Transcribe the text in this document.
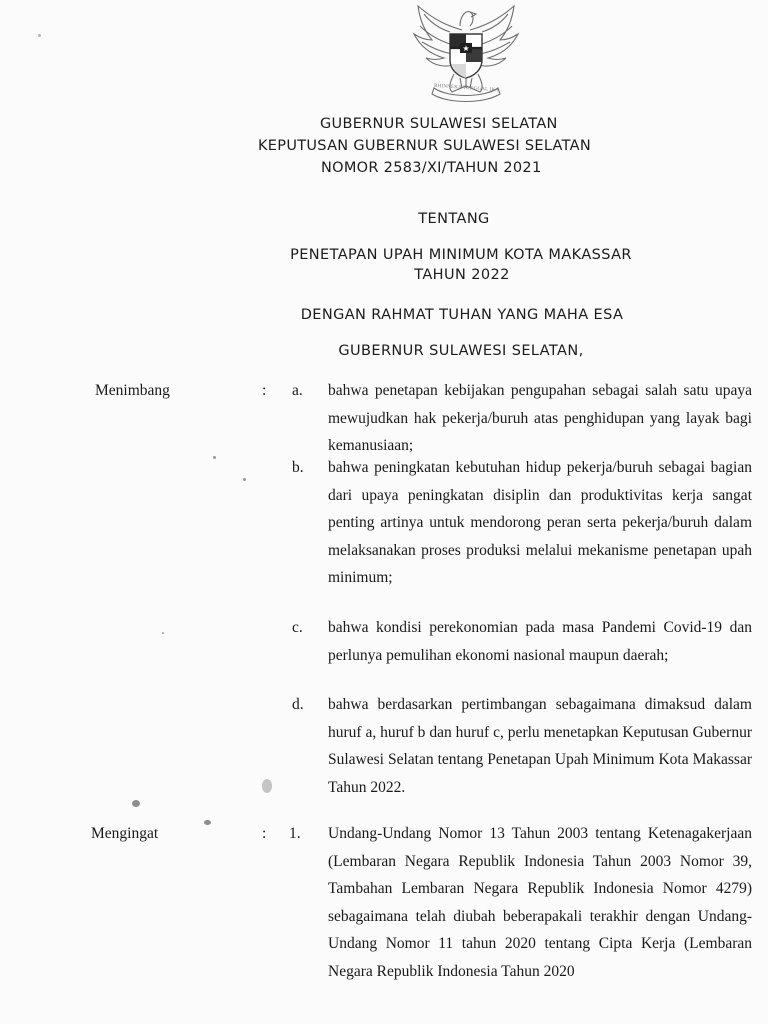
★
BHINNEKA TUNGGAL IKA
GUBERNUR SULAWESI SELATAN
KEPUTUSAN GUBERNUR SULAWESI SELATAN
NOMOR 2583/XI/TAHUN 2021
TENTANG
PENETAPAN UPAH MINIMUM KOTA MAKASSAR
TAHUN 2022
DENGAN RAHMAT TUHAN YANG MAHA ESA
GUBERNUR SULAWESI SELATAN,
Menimbang	: a. bahwa penetapan kebijakan pengupahan sebagai salah satu upaya mewujudkan hak pekerja/buruh atas penghidupan yang layak bagi kemanusiaan;
b. bahwa peningkatan kebutuhan hidup pekerja/buruh sebagai bagian dari upaya peningkatan disiplin dan produktivitas kerja sangat penting artinya untuk mendorong peran serta pekerja/buruh dalam melaksanakan proses produksi melalui mekanisme penetapan upah minimum;
c. bahwa kondisi perekonomian pada masa Pandemi Covid-19 dan perlunya pemulihan ekonomi nasional maupun daerah;
d. bahwa berdasarkan pertimbangan sebagaimana dimaksud dalam huruf a, huruf b dan huruf c, perlu menetapkan Keputusan Gubernur Sulawesi Selatan tentang Penetapan Upah Minimum Kota Makassar Tahun 2022.
Mengingat	: 1. Undang-Undang Nomor 13 Tahun 2003 tentang Ketenagakerjaan (Lembaran Negara Republik Indonesia Tahun 2003 Nomor 39, Tambahan Lembaran Negara Republik Indonesia Nomor 4279) sebagaimana telah diubah beberapakali terakhir dengan Undang-Undang Nomor 11 tahun 2020 tentang Cipta Kerja (Lembaran Negara Republik Indonesia Tahun 2020
